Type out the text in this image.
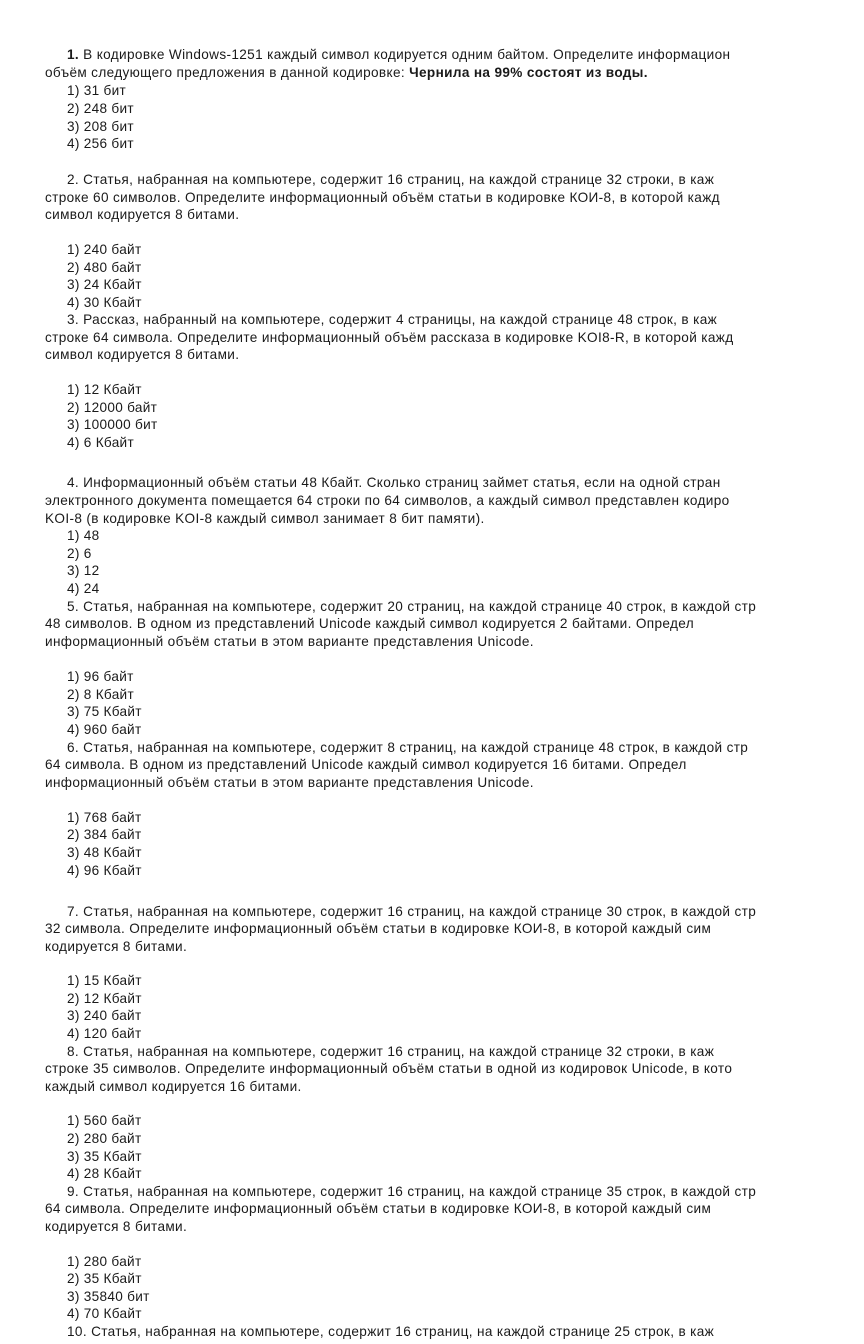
1. В кодировке Windows-1251 каждый символ кодируется одним байтом. Определите информацион
объём следующего предложения в данной кодировке: Чернила на 99% состоят из воды.
1) 31 бит
2) 248 бит
3) 208 бит
4) 256 бит
2. Статья, набранная на компьютере, содержит 16 страниц, на каждой странице 32 строки, в каж
строке 60 символов. Определите информационный объём статьи в кодировке КОИ-8, в которой кажд
символ кодируется 8 битами.
1) 240 байт
2) 480 байт
3) 24 Кбайт
4) 30 Кбайт
3. Рассказ, набранный на компьютере, содержит 4 страницы, на каждой странице 48 строк, в каж
строке 64 символа. Определите информационный объём рассказа в кодировке KOI8-R, в которой кажд
символ кодируется 8 битами.
1) 12 Кбайт
2) 12000 байт
3) 100000 бит
4) 6 Кбайт
4. Информационный объём статьи 48 Кбайт. Сколько страниц займет статья, если на одной стран
электронного документа помещается 64 строки по 64 символов, а каждый символ представлен кодиро
KOI-8 (в кодировке KOI-8 каждый символ занимает 8 бит памяти).
1) 48
2) 6
3) 12
4) 24
5. Статья, набранная на компьютере, содержит 20 страниц, на каждой странице 40 строк, в каждой стр
48 символов. В одном из представлений Unicode каждый символ кодируется 2 байтами. Определ
информационный объём статьи в этом варианте представления Unicode.
1) 96 байт
2) 8 Кбайт
3) 75 Кбайт
4) 960 байт
6. Статья, набранная на компьютере, содержит 8 страниц, на каждой странице 48 строк, в каждой стр
64 символа. В одном из представлений Unicode каждый символ кодируется 16 битами. Определ
информационный объём статьи в этом варианте представления Unicode.
1) 768 байт
2) 384 байт
3) 48 Кбайт
4) 96 Кбайт
7. Статья, набранная на компьютере, содержит 16 страниц, на каждой странице 30 строк, в каждой стр
32 символа. Определите информационный объём статьи в кодировке КОИ-8, в которой каждый сим
кодируется 8 битами.
1) 15 Кбайт
2) 12 Кбайт
3) 240 байт
4) 120 байт
8. Статья, набранная на компьютере, содержит 16 страниц, на каждой странице 32 строки, в каж
строке 35 символов. Определите информационный объём статьи в одной из кодировок Unicode, в кото
каждый символ кодируется 16 битами.
1) 560 байт
2) 280 байт
3) 35 Кбайт
4) 28 Кбайт
9. Статья, набранная на компьютере, содержит 16 страниц, на каждой странице 35 строк, в каждой стр
64 символа. Определите информационный объём статьи в кодировке КОИ-8, в которой каждый сим
кодируется 8 битами.
1) 280 байт
2) 35 Кбайт
3) 35840 бит
4) 70 Кбайт
10. Статья, набранная на компьютере, содержит 16 страниц, на каждой странице 25 строк, в каж
